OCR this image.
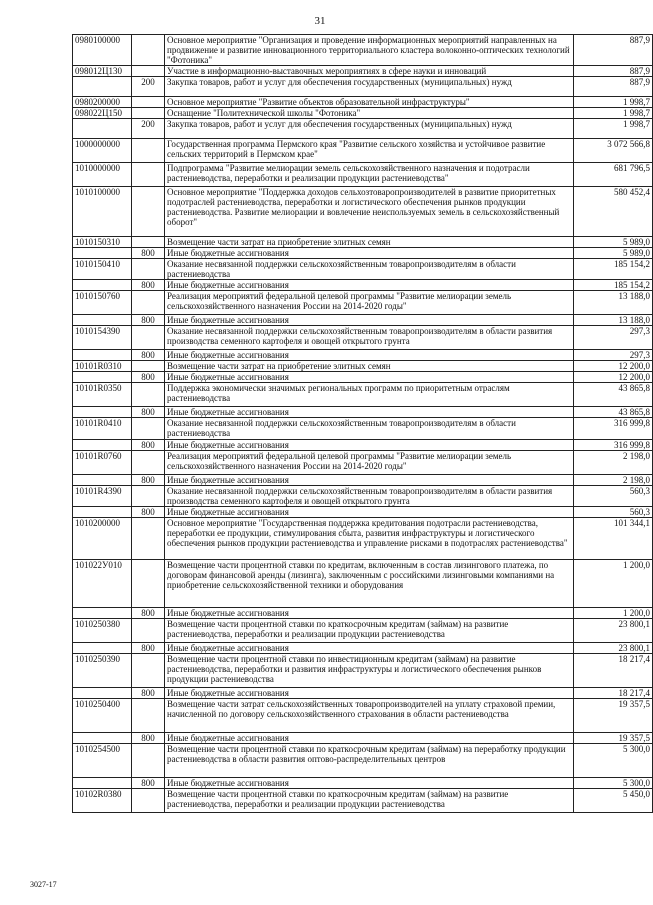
31
0980100000		Основное мероприятие "Организация и проведение информационных мероприятий направленных на продвижение и развитие инновационного территориального кластера волоконно-оптических технологий "Фотоника"	887,9
098012Ц130		Участие в информационно-выставочных мероприятиях в сфере науки и инноваций	887,9
	200	Закупка товаров, работ и услуг для обеспечения государственных (муниципальных) нужд	887,9
0980200000		Основное мероприятие "Развитие объектов образовательной инфраструктуры"	1 998,7
098022Ц150		Оснащение "Политехнической школы "Фотоника"	1 998,7
	200	Закупка товаров, работ и услуг для обеспечения государственных (муниципальных) нужд	1 998,7
1000000000		Государственная программа Пермского края "Развитие сельского хозяйства и устойчивое развитие сельских территорий в Пермском крае"	3 072 566,8
1010000000		Подпрограмма "Развитие мелиорации земель сельскохозяйственного назначения и подотрасли растениеводства, переработки и реализации продукции растениеводства"	681 796,5
1010100000		Основное мероприятие "Поддержка доходов сельхозтоваропроизводителей в развитие приоритетных подотраслей растениеводства, переработки и логистического обеспечения рынков продукции растениеводства. Развитие мелиорации и вовлечение неиспользуемых земель в сельскохозяйственный оборот"	580 452,4
1010150310		Возмещение части затрат на приобретение элитных семян	5 989,0
	800	Иные бюджетные ассигнования	5 989,0
1010150410		Оказание несвязанной поддержки сельскохозяйственным товаропроизводителям в области растениеводства	185 154,2
	800	Иные бюджетные ассигнования	185 154,2
1010150760		Реализация мероприятий федеральной целевой программы "Развитие мелиорации земель сельскохозяйственного назначения России на 2014-2020 годы"	13 188,0
	800	Иные бюджетные ассигнования	13 188,0
1010154390		Оказание несвязанной поддержки сельскохозяйственным товаропроизводителям в области развития производства семенного картофеля и овощей открытого грунта	297,3
	800	Иные бюджетные ассигнования	297,3
10101R0310		Возмещение части затрат на приобретение элитных семян	12 200,0
	800	Иные бюджетные ассигнования	12 200,0
10101R0350		Поддержка экономически значимых региональных программ по приоритетным отраслям растениеводства	43 865,8
	800	Иные бюджетные ассигнования	43 865,8
10101R0410		Оказание несвязанной поддержки сельскохозяйственным товаропроизводителям в области растениеводства	316 999,8
	800	Иные бюджетные ассигнования	316 999,8
10101R0760		Реализация мероприятий федеральной целевой программы "Развитие мелиорации земель сельскохозяйственного назначения России на 2014-2020 годы"	2 198,0
	800	Иные бюджетные ассигнования	2 198,0
10101R4390		Оказание несвязанной поддержки сельскохозяйственным товаропроизводителям в области развития производства семенного картофеля и овощей открытого грунта	560,3
	800	Иные бюджетные ассигнования	560,3
1010200000		Основное мероприятие "Государственная поддержка кредитования подотрасли растениеводства, переработки ее продукции, стимулирования сбыта, развития инфраструктуры и логистического обеспечения рынков продукции растениеводства и управление рисками в подотраслях растениеводства"	101 344,1
101022У010		Возмещение части процентной ставки по кредитам, включенным в состав лизингового платежа, по договорам финансовой аренды (лизинга), заключенным с российскими лизинговыми компаниями на приобретение сельскохозяйственной техники и оборудования	1 200,0
	800	Иные бюджетные ассигнования	1 200,0
1010250380		Возмещение части процентной ставки по краткосрочным кредитам (займам) на развитие растениеводства, переработки и реализации продукции растениеводства	23 800,1
	800	Иные бюджетные ассигнования	23 800,1
1010250390		Возмещение части процентной ставки по инвестиционным кредитам (займам) на развитие растениеводства, переработки и развития инфраструктуры и логистического обеспечения рынков продукции растениеводства	18 217,4
	800	Иные бюджетные ассигнования	18 217,4
1010250400		Возмещение части затрат сельскохозяйственных товаропроизводителей на уплату страховой премии, начисленной по договору сельскохозяйственного страхования в области растениеводства	19 357,5
	800	Иные бюджетные ассигнования	19 357,5
1010254500		Возмещение части процентной ставки по краткосрочным кредитам (займам) на переработку продукции растениеводства в области развития оптово-распределительных центров	5 300,0
	800	Иные бюджетные ассигнования	5 300,0
10102R0380		Возмещение части процентной ставки по краткосрочным кредитам (займам) на развитие растениеводства, переработки и реализации продукции растениеводства	5 450,0
3027-17
